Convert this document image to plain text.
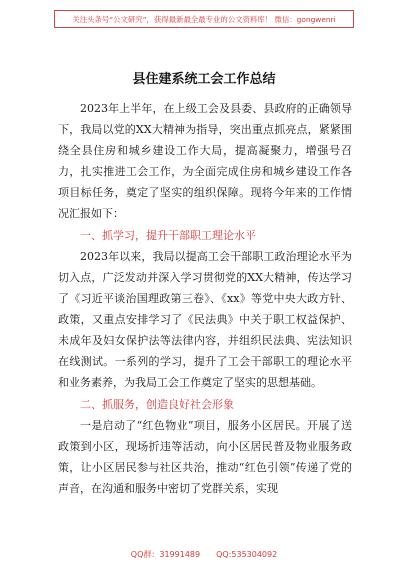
关注头条号“公文研究”，获得最新最全最专业的公文资料库！ 微信：gongwenri
县住建系统工会工作总结

2023年上半年，在上级工会及县委、县政府的正确领导下，我局以党的XX大精神为指导，突出重点抓亮点，紧紧围绕全县住房和城乡建设工作大局，提高凝聚力，增强号召力，扎实推进工会工作，为全面完成住房和城乡建设工作各项目标任务，奠定了坚实的组织保障。现将今年来的工作情况汇报如下：

一、抓学习，提升干部职工理论水平

2023年以来，我局以提高工会干部职工政治理论水平为切入点，广泛发动并深入学习贯彻党的XX大精神，传达学习了《习近平谈治国理政第三卷》、《xx》等党中央大政方针、政策，又重点安排学习了《民法典》中关于职工权益保护、未成年及妇女保护法等法律内容，并组织民法典、宪法知识在线测试。一系列的学习，提升了工会干部职工的理论水平和业务素养，为我局工会工作奠定了坚实的思想基础。

二、抓服务，创造良好社会形象

一是启动了“红色物业”项目，服务小区居民。开展了送政策到小区，现场折违等活动，向小区居民普及物业服务政策，让小区居民参与社区共治，推动“红色引领”传递了党的声音，在沟通和服务中密切了党群关系，实现

QQ群：31991489 QQ:535304092
